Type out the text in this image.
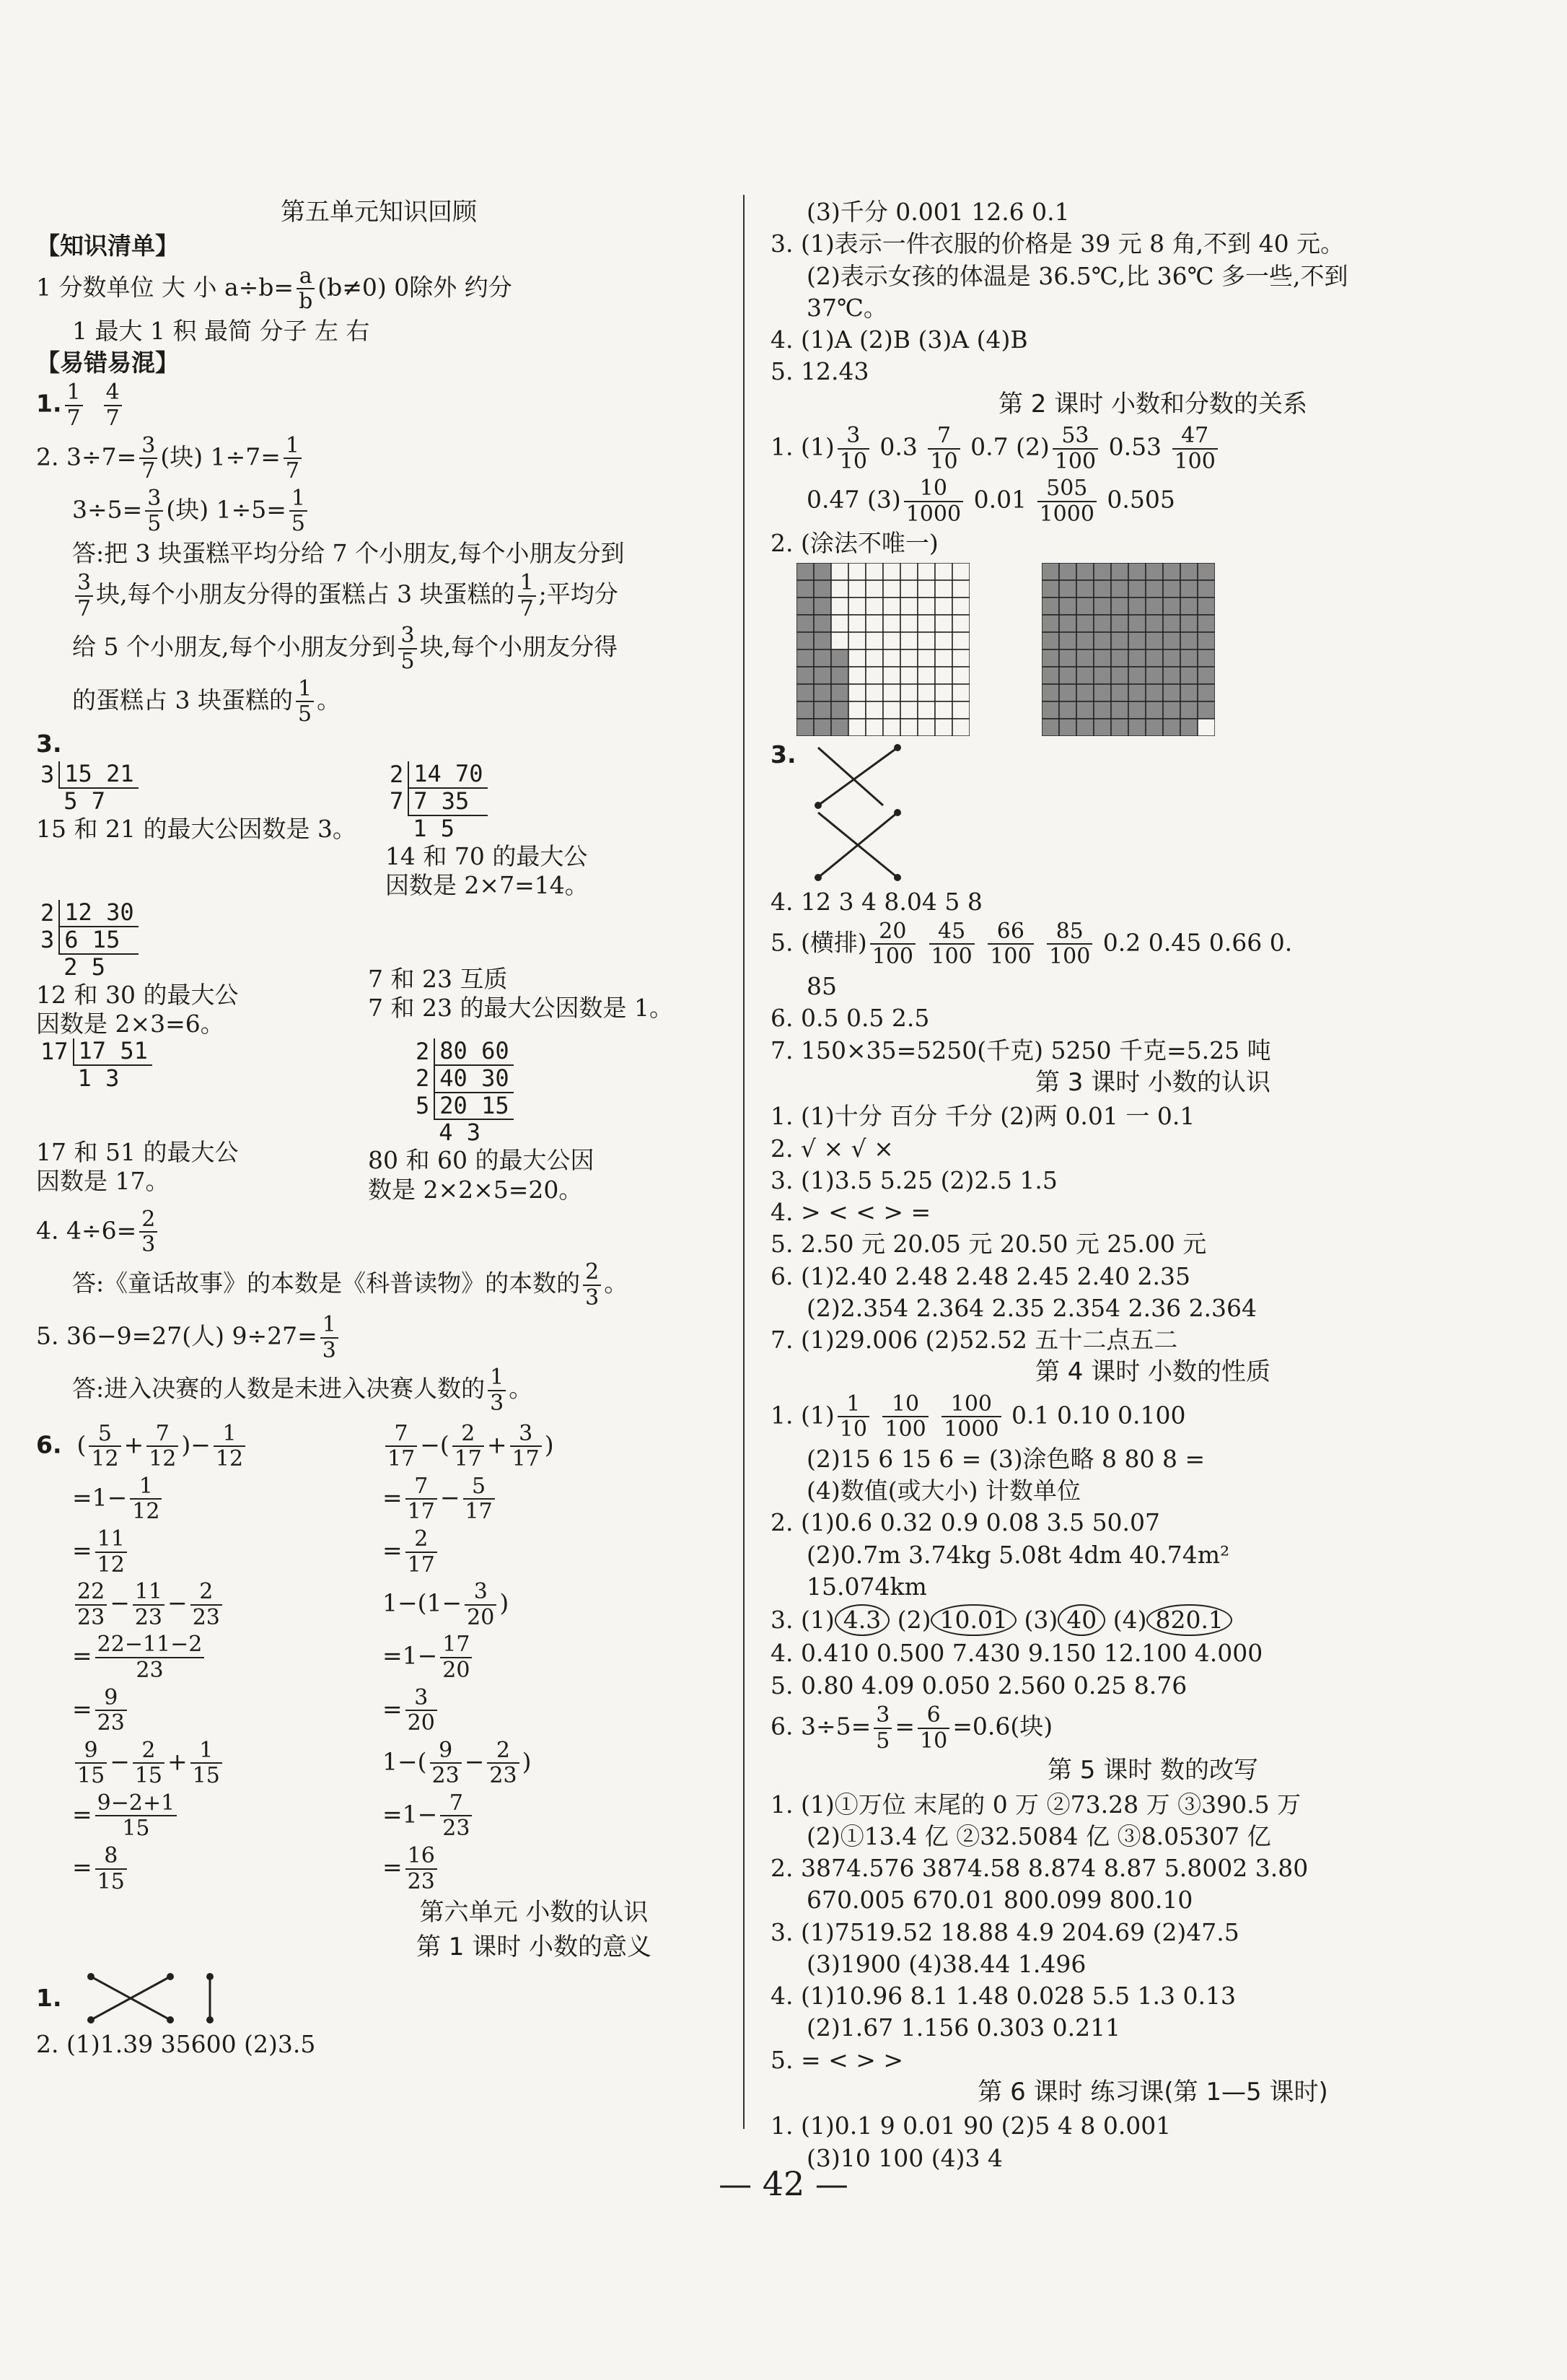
第五单元知识回顾
【知识清单】
1 分数单位 大 小 $a\div b= \frac{a}{b} (b\ne 0)$ 0除外 约分
1 最大 1 积 最简 分子 左 右
【易错易混】
1. $\frac{1}{7}$
$\frac{4}{7}$
2. $3\div 7= \frac{3}{7}$ (块) $1\div 7= \frac{1}{7}$
$3\div 5= \frac{3}{5}$ (块) $1\div 5= \frac{1}{5}$
答:把 3 块蛋糕平均分给 7 个小朋友,每个小朋友分到
$\frac{3}{7}$ 块,每个小朋友分得的蛋糕占 3 块蛋糕的 $\frac{1}{7}$ ;平均分
给 5 个小朋友,每个小朋友分到 $\frac{3}{5}$ 块,每个小朋友分得
的蛋糕占 3 块蛋糕的 $\frac{1}{5}$ 。
3.
3	15 21
	5 7
15 和 21 的最大公因数是 3。
2	14 70
7	7 35
	1 5
14 和 70 的最大公
因数是 2×7=14。
2	12 30
3	6 15
	2 5
12 和 30 的最大公
因数是 2×3=6。
7 和 23 互质
7 和 23 的最大公因数是 1。
17	17 51
	1 3
17 和 51 的最大公
因数是 17。
2	80 60
2	40 30
5	20 15
	4 3
80 和 60 的最大公因
数是 2×2×5=20。
4. $4\div 6= \frac{2}{3}$
答:《童话故事》的本数是《科普读物》的本数的 $\frac{2}{3}$ 。
5. 36−9=27(人) $9\div 27= \frac{1}{3}$
答:进入决赛的人数是未进入决赛人数的 $\frac{1}{3}$ 。
6. ( $\frac{5}{12} + \frac{7}{12}$ )− $\frac{1}{12}$
$=1- \frac{1}{12}$
= $\frac{11}{12}$
$\frac{22}{23} - \frac{11}{23} - \frac{2}{23}$
= $\frac{22-11-2}{23}$
= $\frac{9}{23}$
$\frac{9}{15} - \frac{2}{15} + \frac{1}{15}$
= $\frac{9-2+1}{15}$
= $\frac{8}{15}$
$\frac{7}{17}$ −( $\frac{2}{17} + \frac{3}{17}$ )
= $\frac{7}{17} - \frac{5}{17}$
= $\frac{2}{17}$
$1-(1- \frac{3}{20}$ )
$=1- \frac{17}{20}$
= $\frac{3}{20}$
$1-( \frac{9}{23} - \frac{2}{23}$ )
$=1- \frac{7}{23}$
= $\frac{16}{23}$
第六单元 小数的认识
第 1 课时 小数的意义
1.
2. (1)1.39 35600 (2)3.5
(3)千分 0.001 12.6 0.1
3. (1)表示一件衣服的价格是 39 元 8 角,不到 40 元。
(2)表示女孩的体温是 36.5℃,比 36℃ 多一些,不到
37℃。
4. (1)A (2)B (3)A (4)B
5. 12.43
第 2 课时 小数和分数的关系
1. $(1) \frac{3}{10} 0.3 \frac{7}{10} 0.7$ $(2) \frac{53}{100} 0.53 \frac{47}{100}$
0.47 $(3) \frac{10}{1000} 0.01 \frac{505}{1000} 0.505$
2. (涂法不唯一)
3.
4. 12 3 4 8.04 5 8
5. (横排) $\frac{20}{100}$
$\frac{45}{100}$
$\frac{66}{100}$
$\frac{85}{100} 0.2$ 0.45 0.66 0.
85
6. 0.5 0.5 2.5
7. 150×35=5250(千克) 5250 千克=5.25 吨
第 3 课时 小数的认识
1. (1)十分 百分 千分 (2)两 0.01 一 0.1
2. √ × √ ×
3. (1)3.5 5.25 (2)2.5 1.5
4. > < < > =
5. 2.50 元 20.05 元 20.50 元 25.00 元
6. (1)2.40 2.48 2.48 2.45 2.40 2.35
(2)2.354 2.364 2.35 2.354 2.36 2.364
7. (1)29.006 (2)52.52 五十二点五二
第 4 课时 小数的性质
1. $(1) \frac{1}{10}$
$\frac{10}{100}$
$\frac{100}{1000} 0.1$ 0.10 0.100
(2)15 6 15 6 = (3)涂色略 8 80 8 =
(4)数值(或大小) 计数单位
2. (1)0.6 0.32 0.9 0.08 3.5 50.07
(2)0.7m 3.74kg 5.08t 4dm 40.74m²
15.074km
3. (1) 4.3 (2) 10.01 (3) 40 (4) 820.1
4. 0.410 0.500 7.430 9.150 12.100 4.000
5. 0.80 4.09 0.050 2.560 0.25 8.76
6. $3\div 5= \frac{3}{5} = \frac{6}{10} =0.6$(块)
第 5 课时 数的改写
1. (1)①万位 末尾的 0 万 ②73.28 万 ③390.5 万
(2)①13.4 亿 ②32.5084 亿 ③8.05307 亿
2. 3874.576 3874.58 8.874 8.87 5.8002 3.80
670.005 670.01 800.099 800.10
3. (1)7519.52 18.88 4.9 204.69 (2)47.5
(3)1900 (4)38.44 1.496
4. (1)10.96 8.1 1.48 0.028 5.5 1.3 0.13
(2)1.67 1.156 0.303 0.211
5. = < > >
第 6 课时 练习课(第 1—5 课时)
1. (1)0.1 9 0.01 90 (2)5 4 8 0.001
(3)10 100 (4)3 4
— 42 —
